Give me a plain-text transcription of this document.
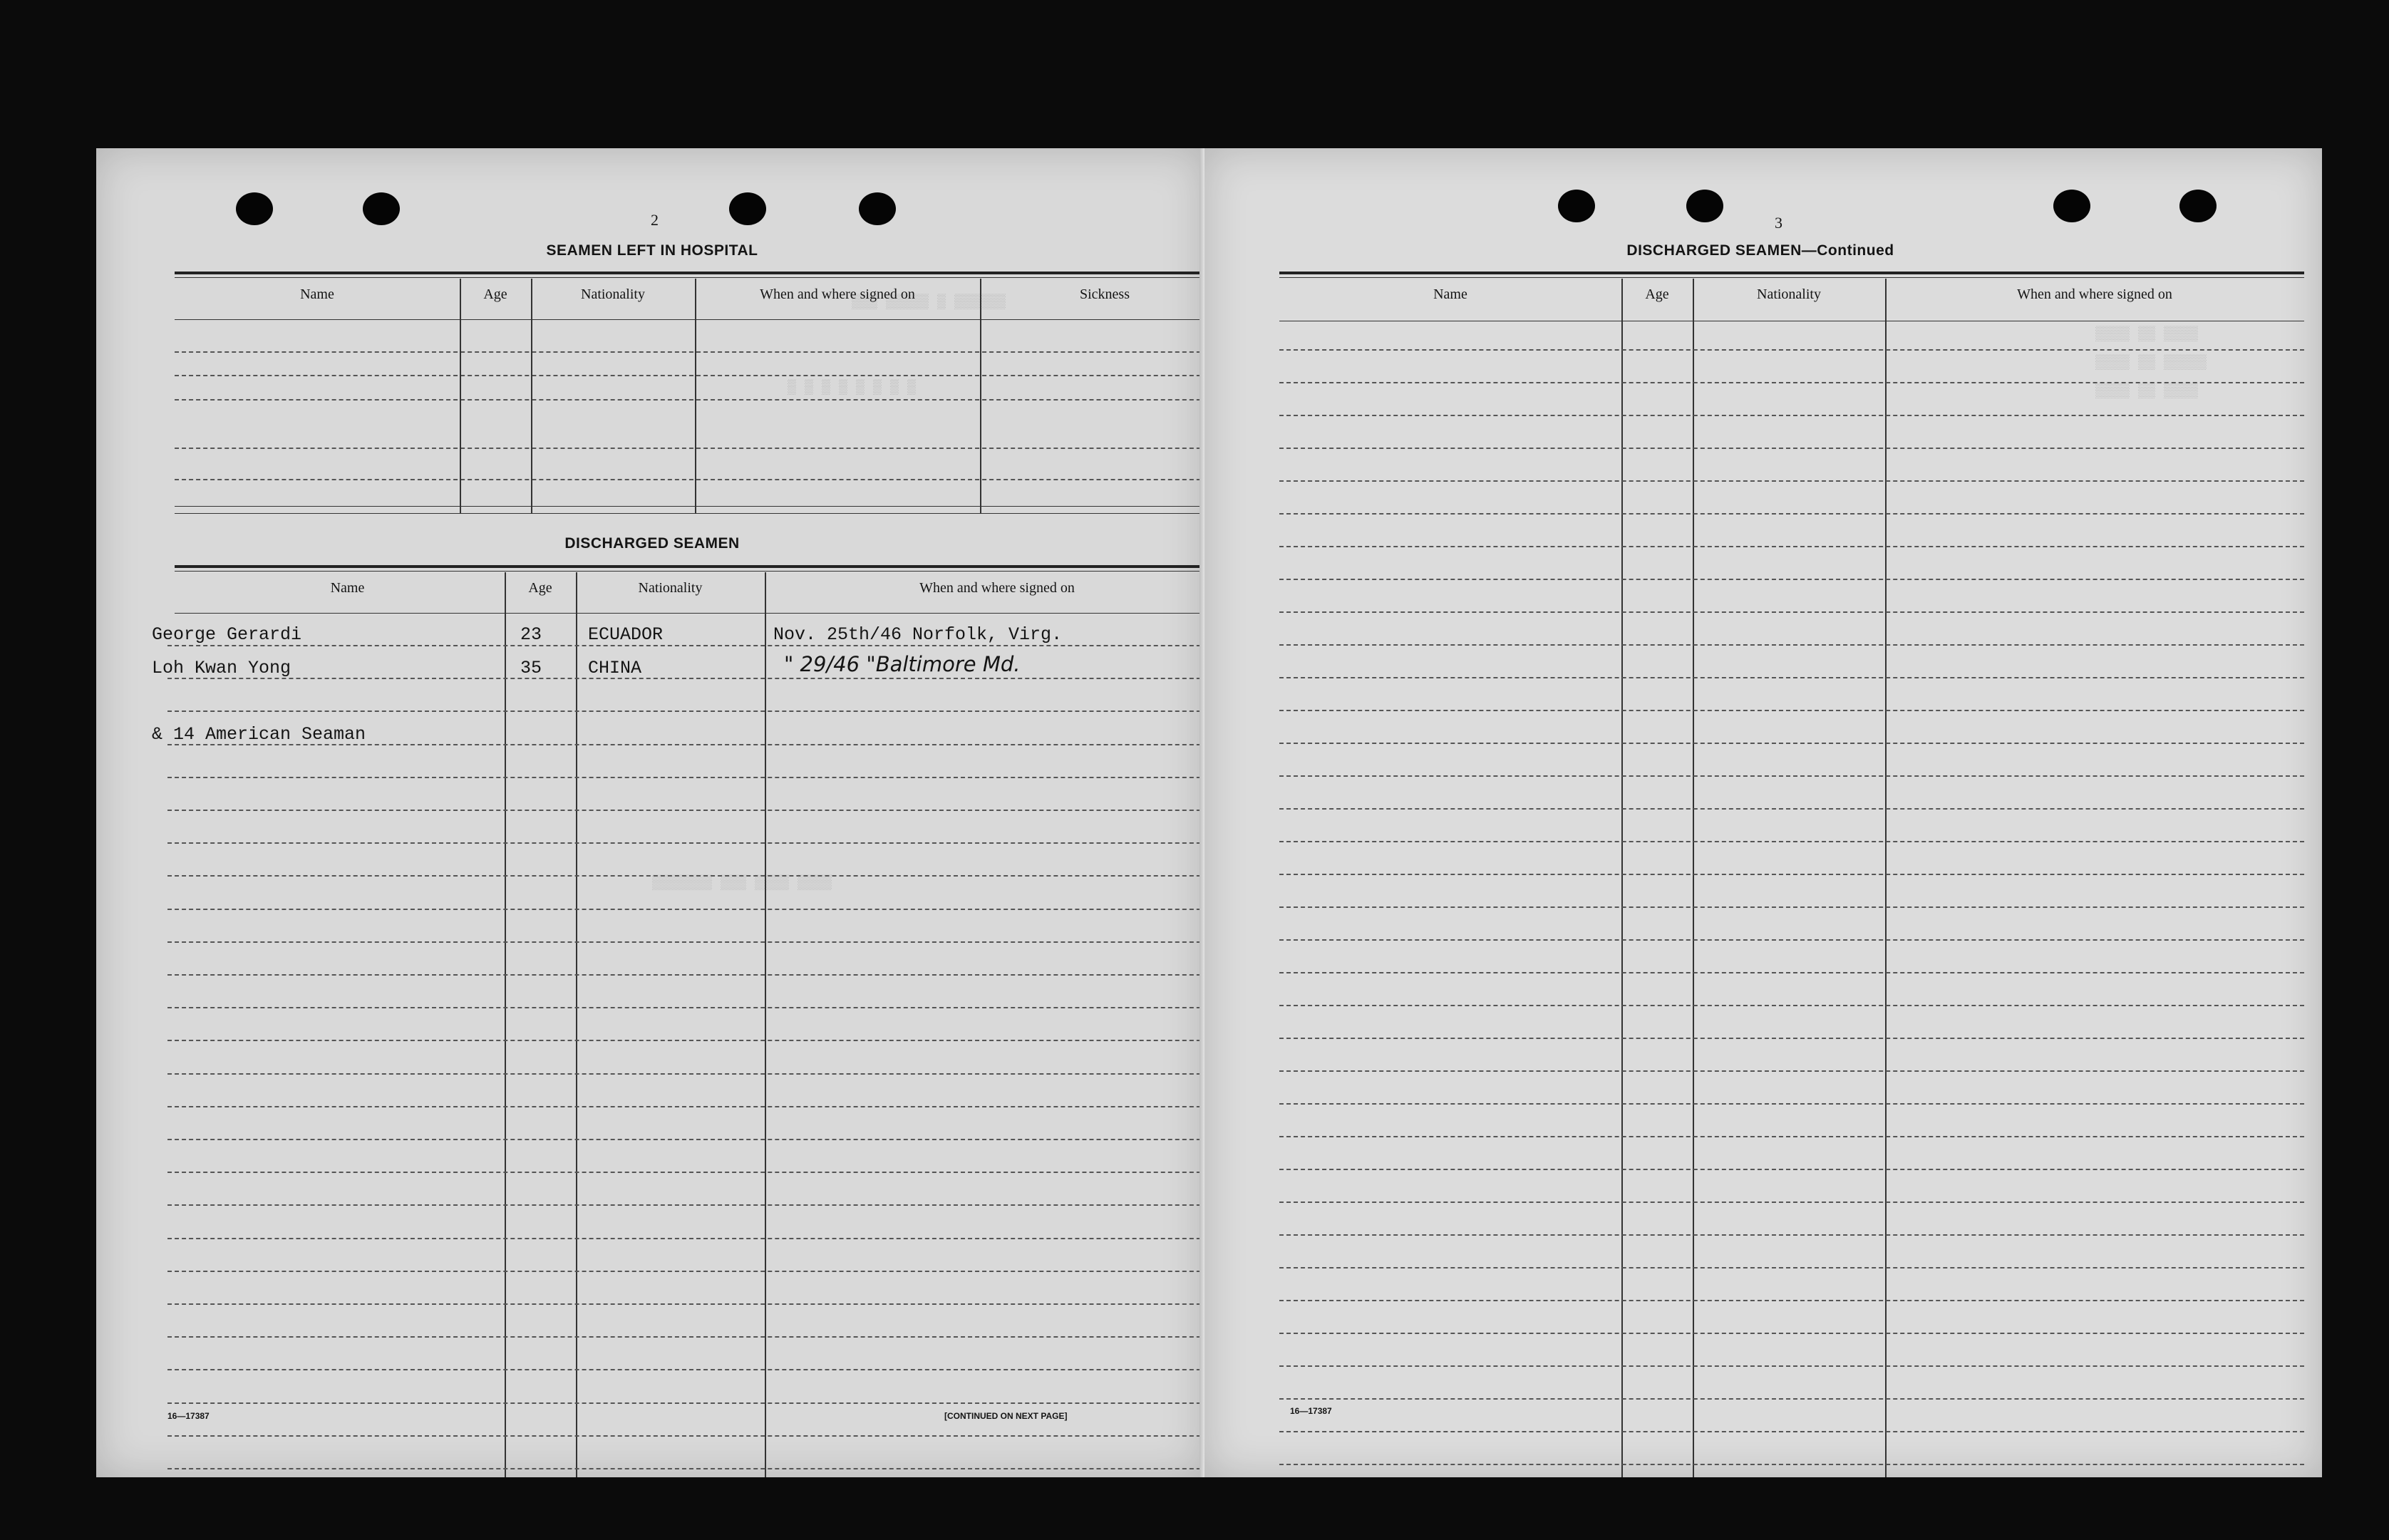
2
▒▒▒ ▒▒▒▒▒ ▒ ▒▒▒▒▒▒
▒ ▒ ▒ ▒ ▒ ▒ ▒ ▒
▒▒▒▒▒▒▒ ▒▒▒ ▒▒▒▒ ▒▒▒▒
SEAMEN LEFT IN HOSPITAL
Name	Age	Nationality	When and where signed on	Sickness
DISCHARGED SEAMEN
Name	Age	Nationality	When and where signed on
George Gerardi	23	ECUADOR	Nov. 25th/46 Norfolk, Virg.
Loh Kwan Yong	35	CHINA	" 29/46 "Baltimore Md.
& 14 American Seaman
16—17387	[CONTINUED ON NEXT PAGE]
3
DISCHARGED SEAMEN—Continued
▒▒▒▒ ▒▒ ▒▒▒▒
▒▒▒▒ ▒▒ ▒▒▒▒▒
▒▒▒▒ ▒▒ ▒▒▒▒
Name	Age	Nationality	When and where signed on
16—17387
